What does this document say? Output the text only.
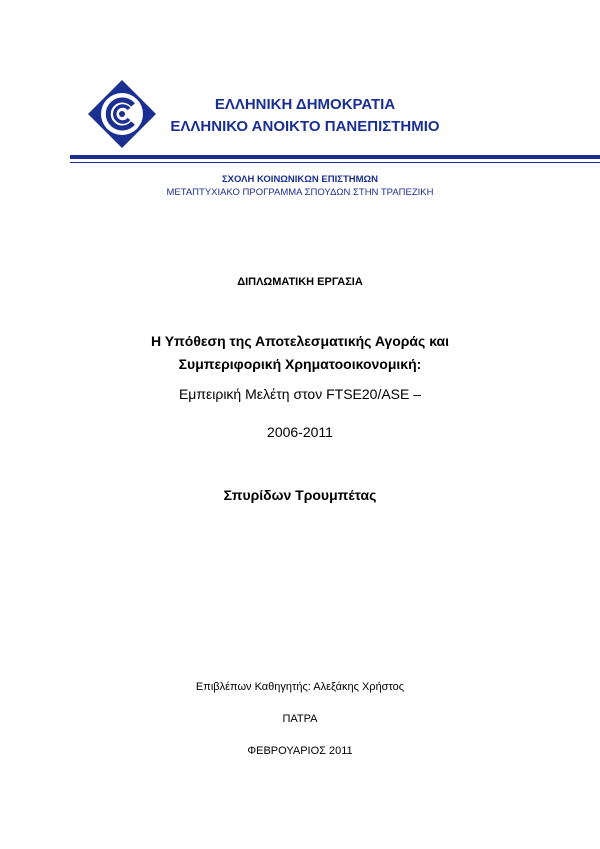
ΕΛΛΗΝΙΚΗ ΔΗΜΟΚΡΑΤΙΑ
ΕΛΛΗΝΙΚΟ ΑΝΟΙΚΤΟ ΠΑΝΕΠΙΣΤΗΜΙΟ
ΣΧΟΛΗ ΚΟΙΝΩΝΙΚΩΝ ΕΠΙΣΤΗΜΩΝ
ΜΕΤΑΠΤΥΧΙΑΚΟ ΠΡΟΓΡΑΜΜΑ ΣΠΟΥΔΩΝ ΣΤΗΝ ΤΡΑΠΕΖΙΚΗ
ΔΙΠΛΩΜΑΤΙΚΗ ΕΡΓΑΣΙΑ
Η Υπόθεση της Αποτελεσματικής Αγοράς και
Συμπεριφορική Χρηματοοικονομική:
Εμπειρική Μελέτη στον FTSE20/ASE –
2006-2011
Σπυρίδων Τρουμπέτας
Επιβλέπων Καθηγητής: Αλεξάκης Χρήστος
ΠΑΤΡΑ
ΦΕΒΡΟΥΑΡΙΟΣ 2011
